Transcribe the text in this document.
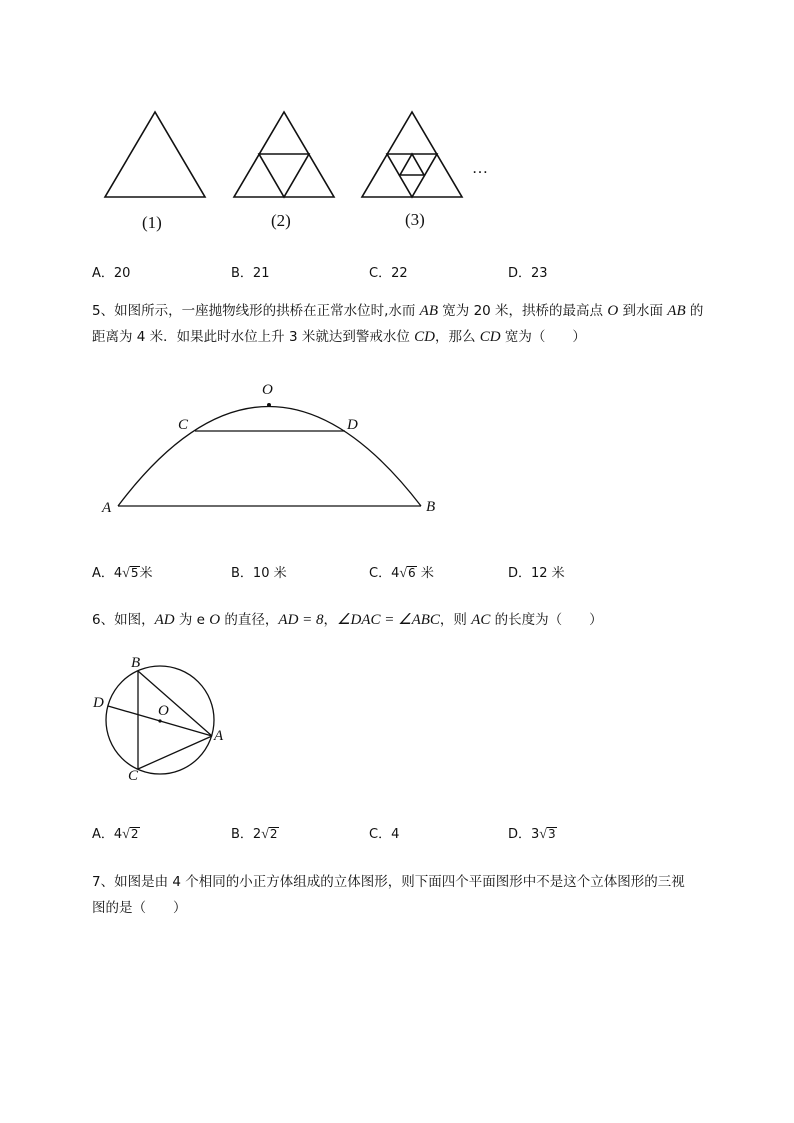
(1)	(2)	(3)
…
A．20	B．21	C．22	D．23
5、如图所示，一座抛物线形的拱桥在正常水位时,水而 AB 宽为 20 米，拱桥的最高点 O 到水面 AB 的
距离为 4 米．如果此时水位上升 3 米就达到警戒水位 CD，那么 CD 宽为（　　）
O
C	D
A	B
A．4√5米	B．10 米	C．4√6 米	D．12 米
6、如图，AD 为 e O 的直径，AD = 8，∠DAC = ∠ABC，则 AC 的长度为（　　）
B
D	O
A
C
A．4√2	B．2√2	C．4	D．3√3
7、如图是由 4 个相同的小正方体组成的立体图形，则下面四个平面图形中不是这个立体图形的三视
图的是（　　）
